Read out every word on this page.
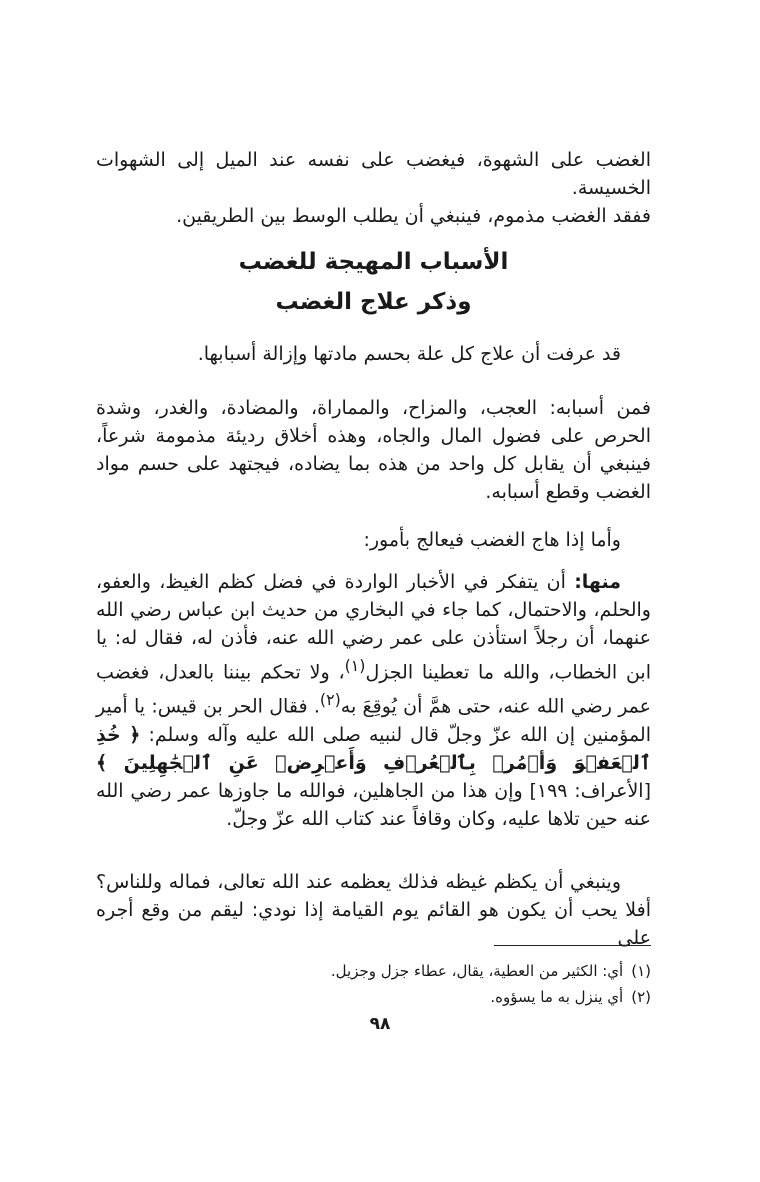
الغضب على الشهوة، فيغضب على نفسه عند الميل إلى الشهوات الخسيسة.

ففقد الغضب مذموم، فينبغي أن يطلب الوسط بين الطريقين.

الأسباب المهيجة للغضب
وذكر علاج الغضب

قد عرفت أن علاج كل علة بحسم مادتها وإزالة أسبابها.

فمن أسبابه: العجب، والمزاح، والمماراة، والمضادة، والغدر، وشدة الحرص على فضول المال والجاه، وهذه أخلاق رديئة مذمومة شرعاً، فينبغي أن يقابل كل واحد من هذه بما يضاده، فيجتهد على حسم مواد الغضب وقطع أسبابه.

وأما إذا هاج الغضب فيعالج بأمور:

منها: أن يتفكر في الأخبار الواردة في فضل كظم الغيظ، والعفو، والحلم، والاحتمال، كما جاء في البخاري من حديث ابن عباس رضي الله عنهما، أن رجلاً استأذن على عمر رضي الله عنه، فأذن له، فقال له: يا ابن الخطاب، والله ما تعطينا الجزل$^{(١)}$، ولا تحكم بيننا بالعدل، فغضب عمر رضي الله عنه، حتى همَّ أن يُوقِعَ به$^{(٢)}$. فقال الحر بن قيس: يا أمير المؤمنين إن الله عزّ وجلّ قال لنبيه صلى الله عليه وآله وسلم: ﴿ خُذِ ٱلۡعَفۡوَ وَأۡمُرۡ بِٱلۡعُرۡفِ وَأَعۡرِضۡ عَنِ ٱلۡجَٰهِلِينَ ﴾ [الأعراف: ١٩٩] وإن هذا من الجاهلين، فوالله ما جاوزها عمر رضي الله عنه حين تلاها عليه، وكان وقافاً عند كتاب الله عزّ وجلّ.

وينبغي أن يكظم غيظه فذلك يعظمه عند الله تعالى، فماله وللناس؟ أفلا يحب أن يكون هو القائم يوم القيامة إذا نودي: ليقم من وقع أجره على

(١)
أي: الكثير من العطية، يقال، عطاء جزل وجزيل.
(٢)
أي ينزل به ما يسؤوه.
٩٨
